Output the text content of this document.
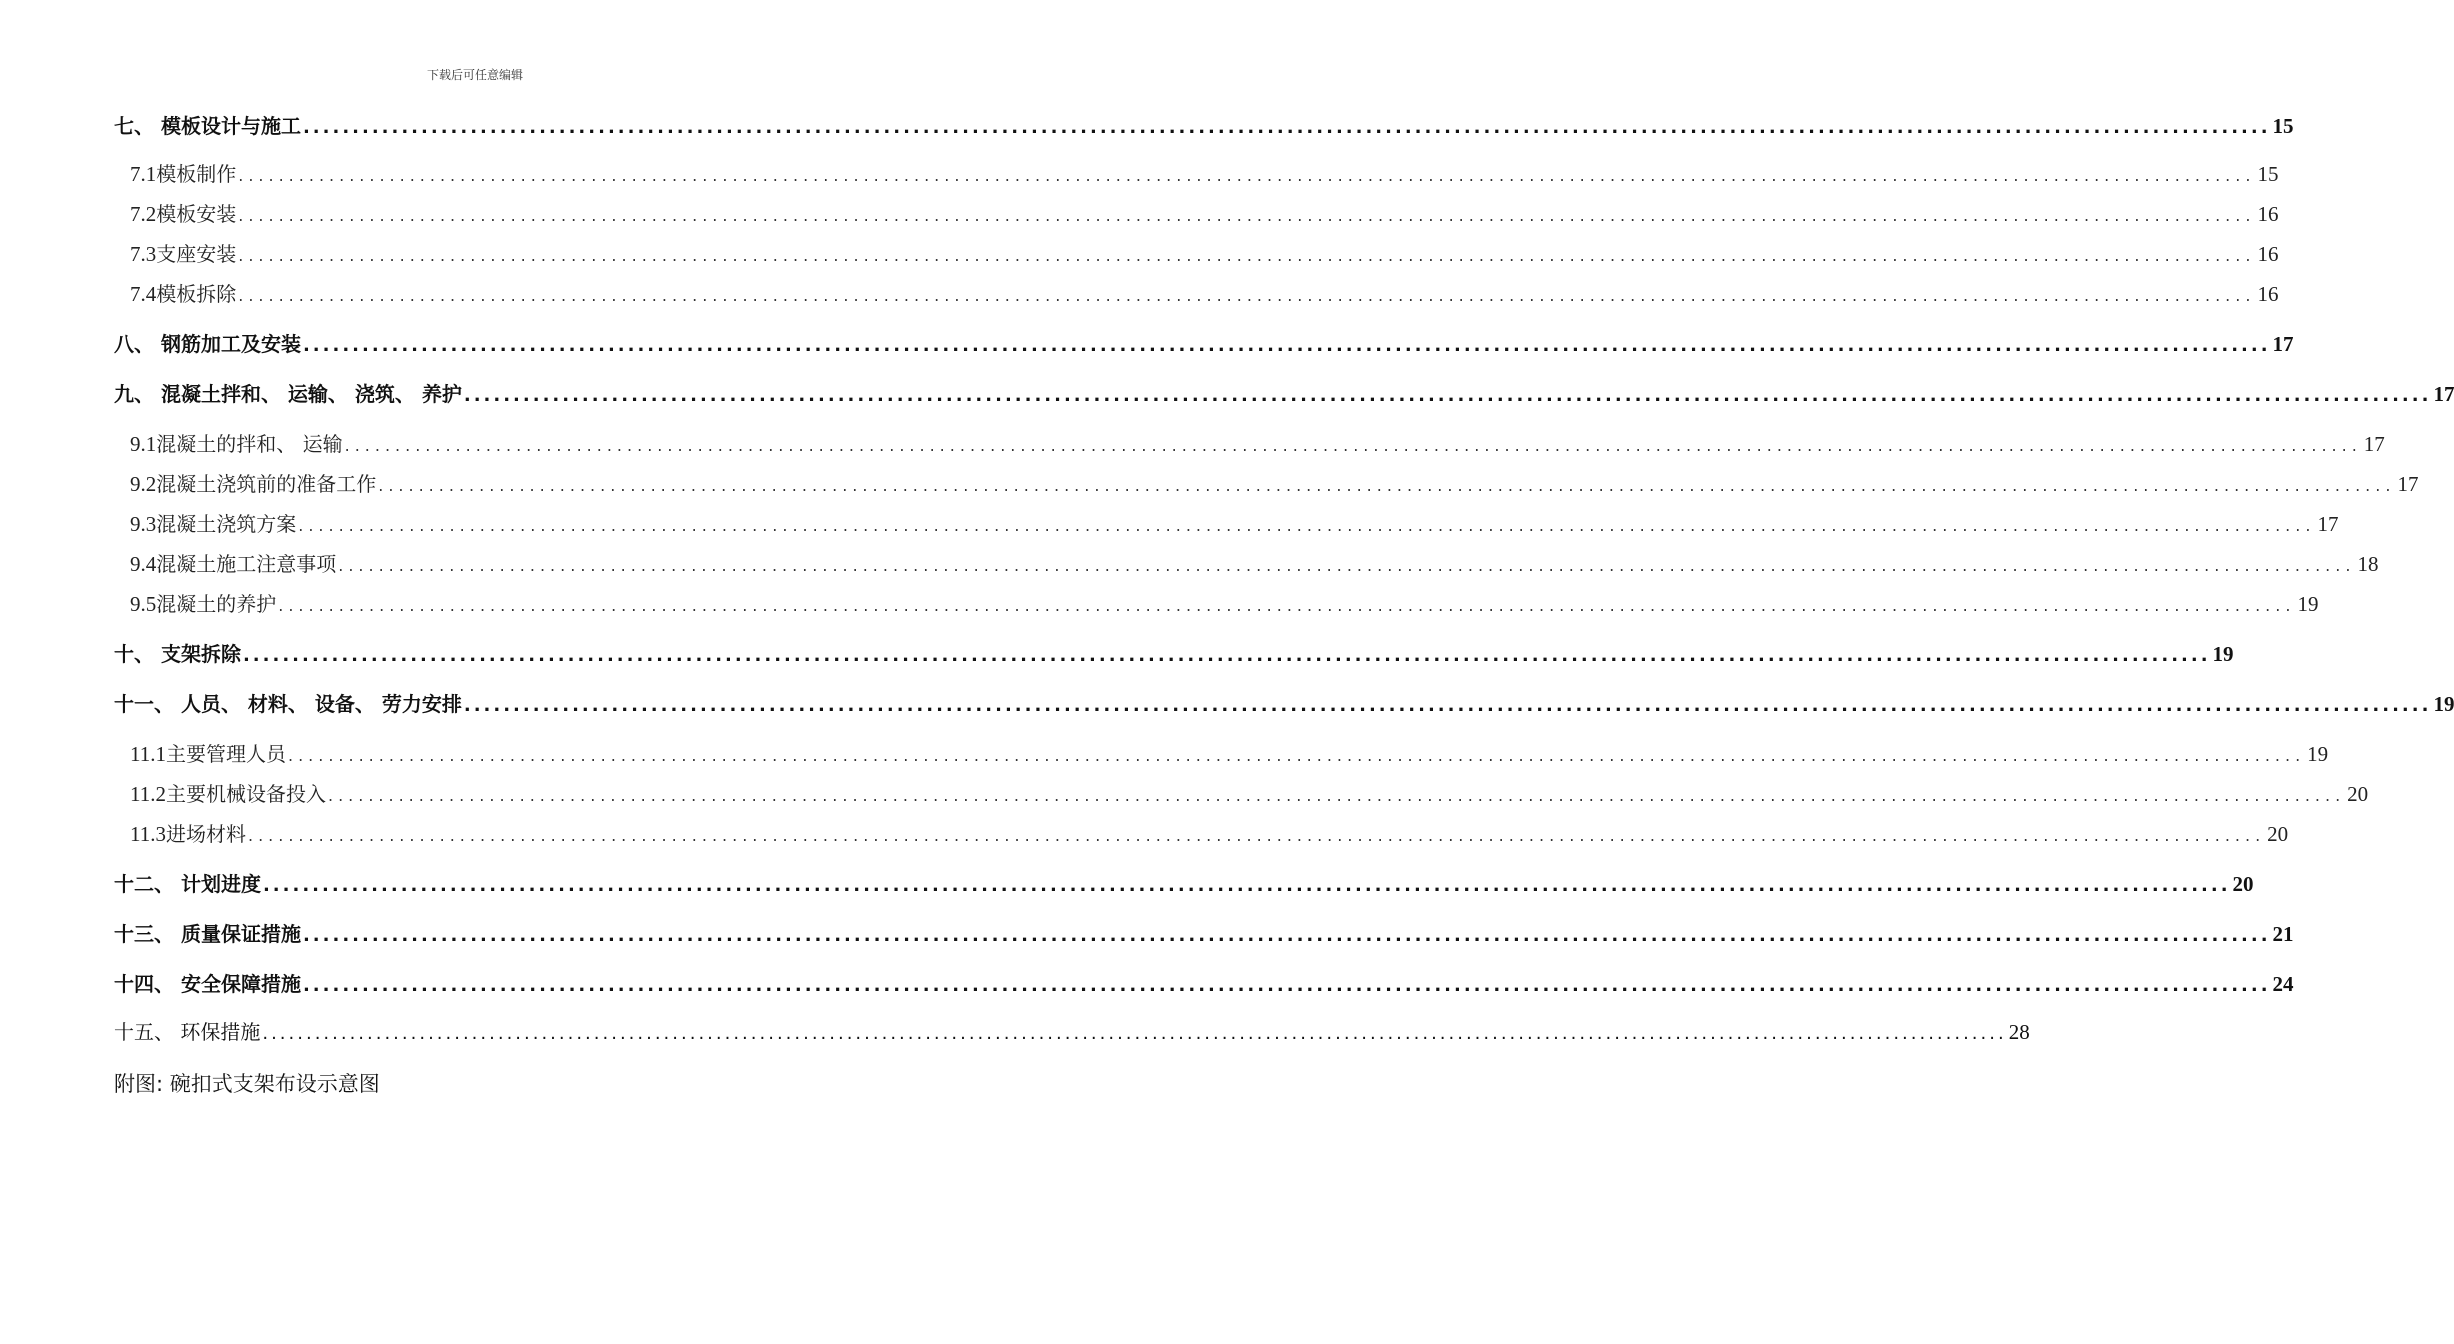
下载后可任意编辑
七、 模板设计与施工 ........................................................................................................................................................................................................ 15
7.1模板制作 ........................................................................................................................................................................................................ 15
7.2模板安装 ........................................................................................................................................................................................................ 16
7.3支座安装 ........................................................................................................................................................................................................ 16
7.4模板拆除 ........................................................................................................................................................................................................ 16
八、 钢筋加工及安装 ........................................................................................................................................................................................................ 17
九、 混凝土拌和、 运输、 浇筑、 养护 ........................................................................................................................................................................................................ 17
9.1混凝土的拌和、 运输 ........................................................................................................................................................................................................ 17
9.2混凝土浇筑前的准备工作 ........................................................................................................................................................................................................ 17
9.3混凝土浇筑方案 ........................................................................................................................................................................................................ 17
9.4混凝土施工注意事项 ........................................................................................................................................................................................................ 18
9.5混凝土的养护 ........................................................................................................................................................................................................ 19
十、 支架拆除 ........................................................................................................................................................................................................ 19
十一、 人员、 材料、 设备、 劳力安排 ........................................................................................................................................................................................................ 19
11.1主要管理人员 ........................................................................................................................................................................................................ 19
11.2主要机械设备投入 ........................................................................................................................................................................................................ 20
11.3进场材料 ........................................................................................................................................................................................................ 20
十二、 计划进度 ........................................................................................................................................................................................................ 20
十三、 质量保证措施 ........................................................................................................................................................................................................ 21
十四、 安全保障措施 ........................................................................................................................................................................................................ 24
十五、 环保措施 ........................................................................................................................................................................................................ 28
附图: 碗扣式支架布设示意图
